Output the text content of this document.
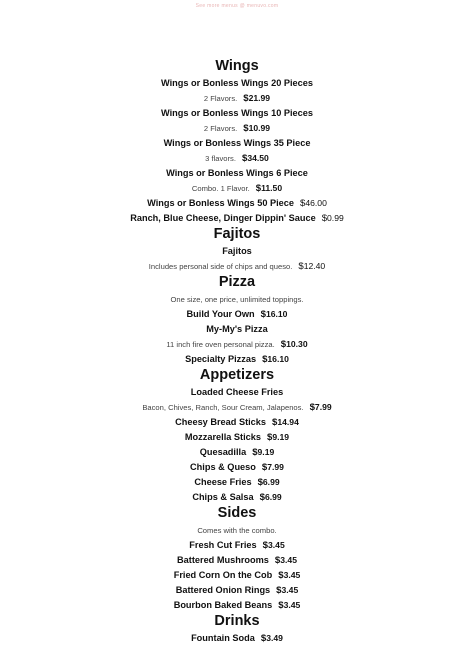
See more menus @ menuvo.com
Wings
Wings or Bonless Wings 20 Pieces
2 Flavors. $21.99
Wings or Bonless Wings 10 Pieces
2 Flavors. $10.99
Wings or Bonless Wings 35 Piece
3 flavors. $34.50
Wings or Bonless Wings 6 Piece
Combo. 1 Flavor. $11.50
Wings or Bonless Wings 50 Piece $46.00
Ranch, Blue Cheese, Dinger Dippin' Sauce $0.99
Fajitos
Fajitos
Includes personal side of chips and queso. $12.40
Pizza
One size, one price, unlimited toppings.
Build Your Own $16.10
My-My's Pizza
11 inch fire oven personal pizza. $10.30
Specialty Pizzas $16.10
Appetizers
Loaded Cheese Fries
Bacon, Chives, Ranch, Sour Cream, Jalapenos. $7.99
Cheesy Bread Sticks $14.94
Mozzarella Sticks $9.19
Quesadilla $9.19
Chips & Queso $7.99
Cheese Fries $6.99
Chips & Salsa $6.99
Sides
Comes with the combo.
Fresh Cut Fries $3.45
Battered Mushrooms $3.45
Fried Corn On the Cob $3.45
Battered Onion Rings $3.45
Bourbon Baked Beans $3.45
Drinks
Fountain Soda $3.49
